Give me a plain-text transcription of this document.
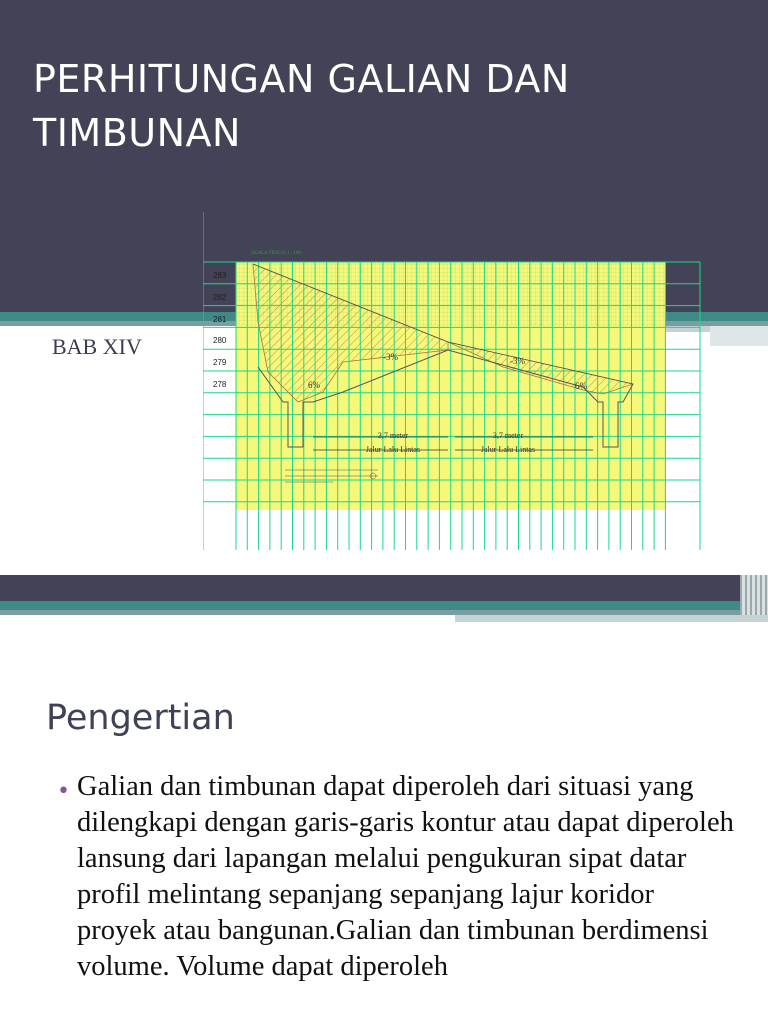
PERHITUNGAN GALIAN DAN TIMBUNAN
BAB XIV
283
282
281
280
279
278
SKALA TINGGI 1 : 100
-3%	-3%
6%	6%
3,7 meter	3,7 meter
Jalur Lalu Lintas	Jalur Lalu Lintas
Pengertian
• Galian dan timbunan dapat diperoleh dari situasi yang dilengkapi dengan garis-garis kontur atau dapat diperoleh lansung dari lapangan melalui pengukuran sipat datar profil melintang sepanjang sepanjang lajur koridor proyek atau bangunan.Galian dan timbunan berdimensi volume. Volume dapat diperoleh
